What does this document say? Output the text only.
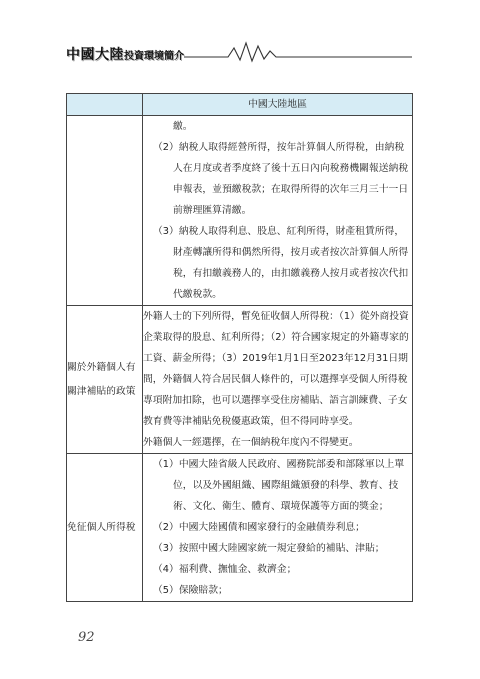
中國大陸投資環境簡介
	中國大陸地區

	繳。
（2）納稅人取得經營所得，按年計算個人所得稅，由納稅人在月度或者季度終了後十五日內向稅務機關報送納稅申報表，並預繳稅款；在取得所得的次年三月三十一日前辦理匯算清繳。
（3）納稅人取得利息、股息、紅利所得，財產租賃所得，財產轉讓所得和偶然所得，按月或者按次計算個人所得稅，有扣繳義務人的，由扣繳義務人按月或者按次代扣代繳稅款。

關於外籍個人有關津補貼的政策	外籍人士的下列所得，暫免征收個人所得稅：（1）從外商投資企業取得的股息、紅利所得；（2）符合國家規定的外籍專家的工資、薪金所得；（3）2019年1月1日至2023年12月31日期間，外籍個人符合居民個人條件的，可以選擇享受個人所得稅專項附加扣除，也可以選擇享受住房補貼、語言訓練費、子女教育費等津補貼免稅優惠政策，但不得同時享受。
外籍個人一經選擇，在一個納稅年度內不得變更。

免征個人所得稅	（1）中國大陸省級人民政府、國務院部委和部隊軍以上單位，以及外國組織、國際組織頒發的科學、教育、技術、文化、衛生、體育、環境保護等方面的獎金；
（2）中國大陸國債和國家發行的金融債券利息；
（3）按照中國大陸國家統一規定發給的補貼、津貼；
（4）福利費、撫恤金、救濟金；
（5）保險賠款；
92
